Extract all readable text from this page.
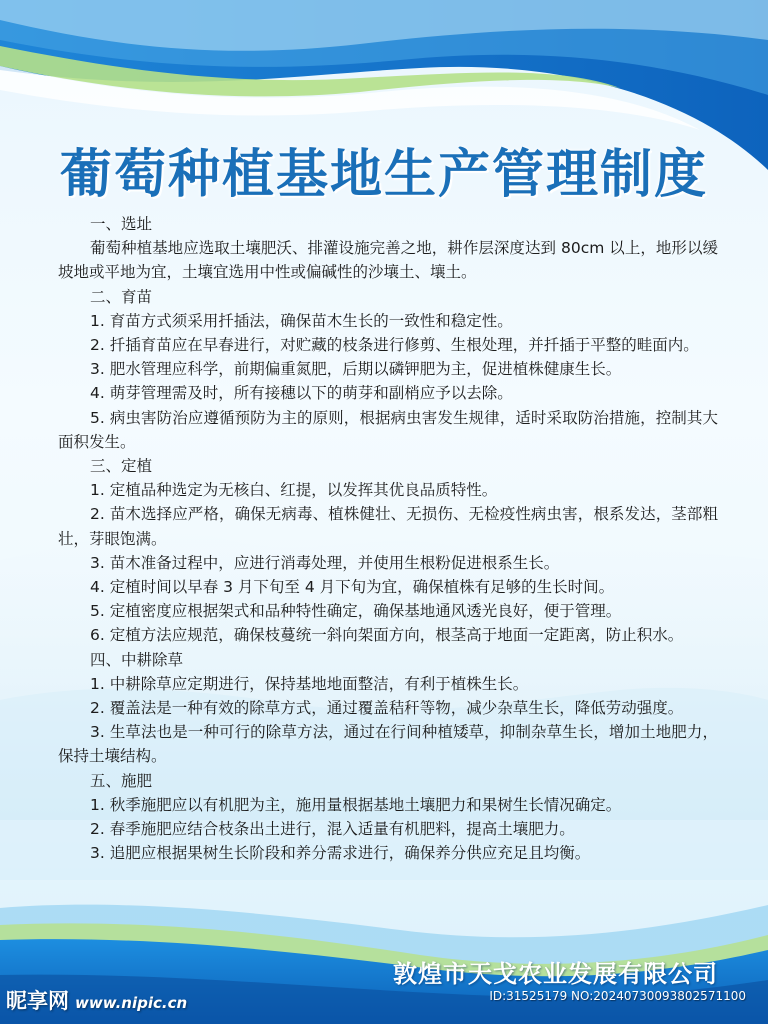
葡萄种植基地生产管理制度

一、选址

葡萄种植基地应选取土壤肥沃、排灌设施完善之地，耕作层深度达到 80cm 以上，地形以缓坡地或平地为宜，土壤宜选用中性或偏碱性的沙壤土、壤土。

二、育苗

1. 育苗方式须采用扦插法，确保苗木生长的一致性和稳定性。

2. 扦插育苗应在早春进行，对贮藏的枝条进行修剪、生根处理，并扦插于平整的畦面内。

3. 肥水管理应科学，前期偏重氮肥，后期以磷钾肥为主，促进植株健康生长。

4. 萌芽管理需及时，所有接穗以下的萌芽和副梢应予以去除。

5. 病虫害防治应遵循预防为主的原则，根据病虫害发生规律，适时采取防治措施，控制其大面积发生。

三、定植

1. 定植品种选定为无核白、红提，以发挥其优良品质特性。

2. 苗木选择应严格，确保无病毒、植株健壮、无损伤、无检疫性病虫害，根系发达，茎部粗壮，芽眼饱满。

3. 苗木准备过程中，应进行消毒处理，并使用生根粉促进根系生长。

4. 定植时间以早春 3 月下旬至 4 月下旬为宜，确保植株有足够的生长时间。

5. 定植密度应根据架式和品种特性确定，确保基地通风透光良好，便于管理。

6. 定植方法应规范，确保枝蔓统一斜向架面方向，根茎高于地面一定距离，防止积水。

四、中耕除草

1. 中耕除草应定期进行，保持基地地面整洁，有利于植株生长。

2. 覆盖法是一种有效的除草方式，通过覆盖秸秆等物，减少杂草生长，降低劳动强度。

3. 生草法也是一种可行的除草方法，通过在行间种植矮草，抑制杂草生长，增加土地肥力，保持土壤结构。

五、施肥

1. 秋季施肥应以有机肥为主，施用量根据基地土壤肥力和果树生长情况确定。

2. 春季施肥应结合枝条出土进行，混入适量有机肥料，提高土壤肥力。

3. 追肥应根据果树生长阶段和养分需求进行，确保养分供应充足且均衡。

敦煌市天戈农业发展有限公司
昵享网 www.nipic.cn	ID:31525179 NO:20240730093802571100
